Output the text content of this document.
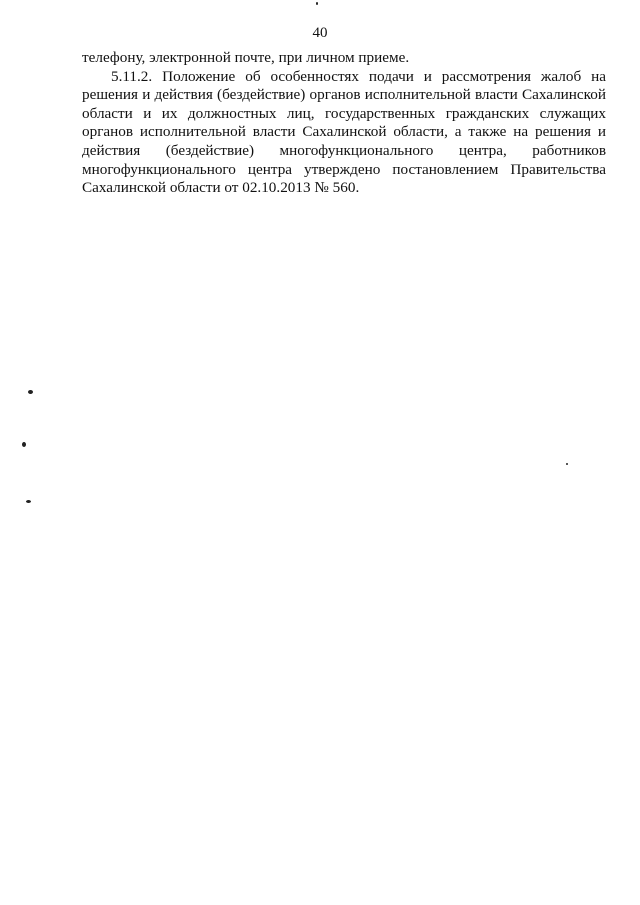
40

телефону, электронной почте, при личном приеме.

5.11.2. Положение об особенностях подачи и рассмотрения жалоб на решения и действия (бездействие) органов исполнительной власти Сахалинской области и их должностных лиц, государственных гражданских служащих органов исполнительной власти Сахалинской области, а также на решения и действия (бездействие) многофункционального центра, работников многофункционального центра утверждено постановлением Правительства Сахалинской области от 02.10.2013 № 560.
